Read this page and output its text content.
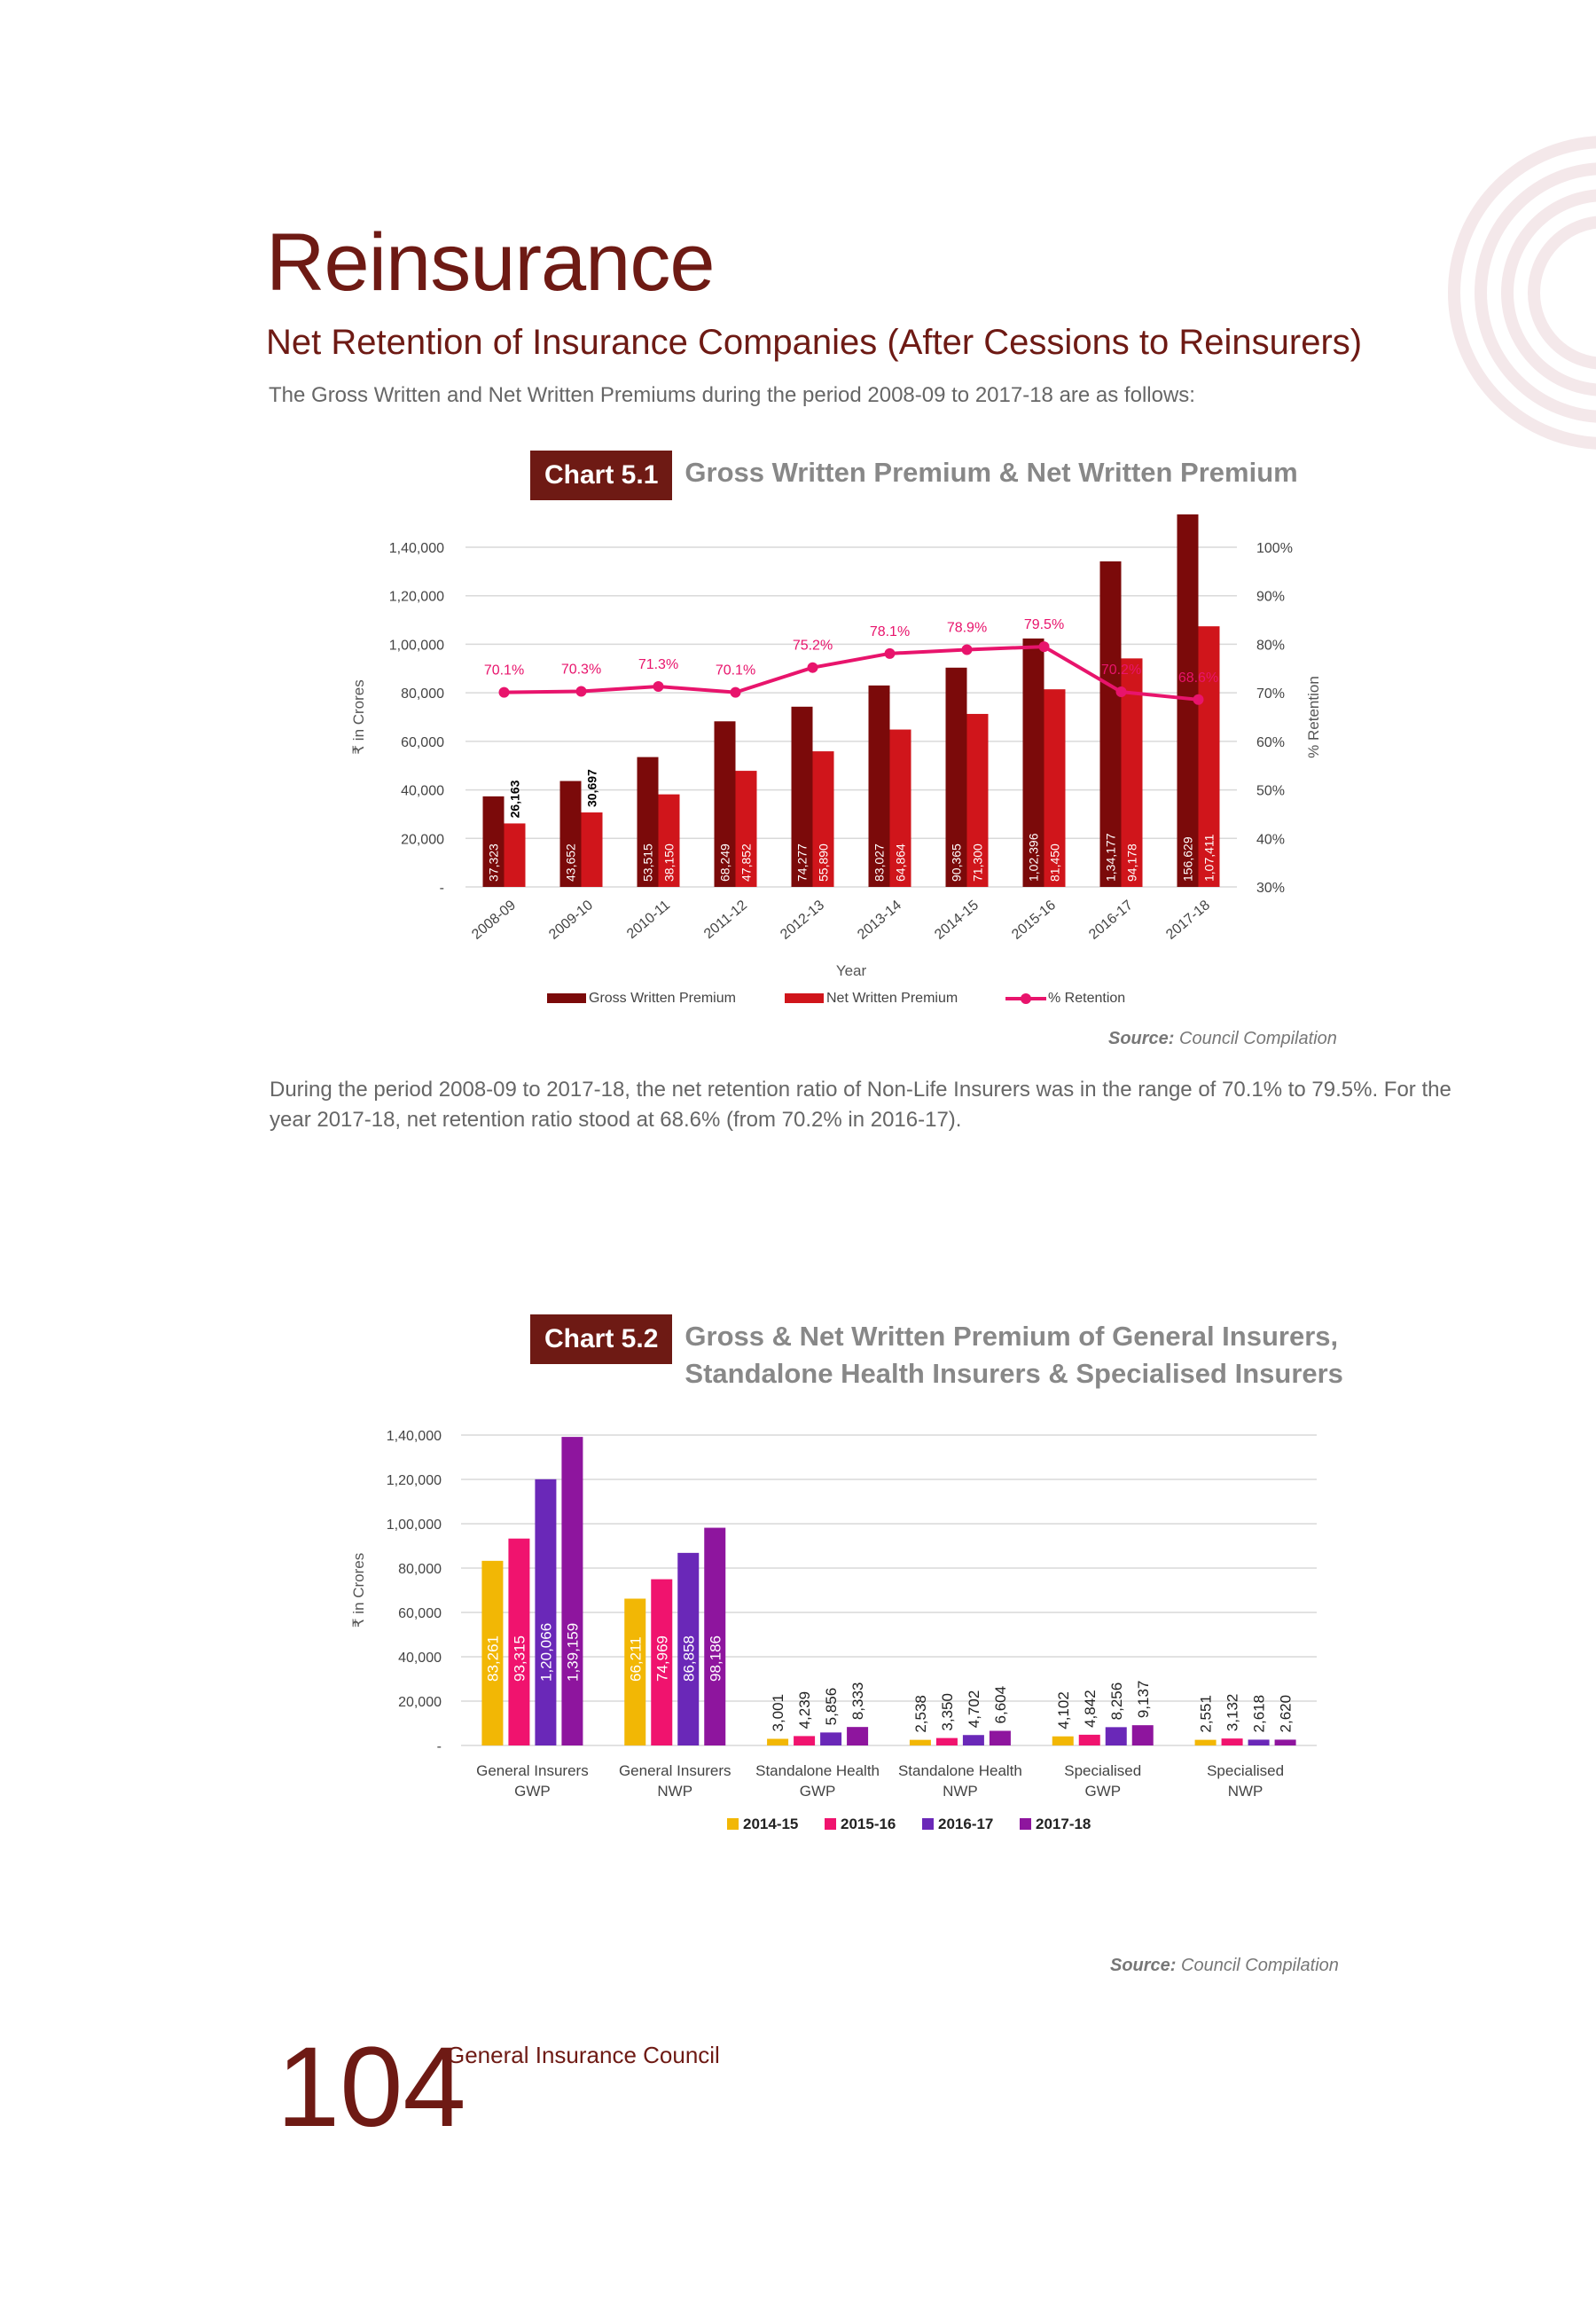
Reinsurance
Net Retention of Insurance Companies (After Cessions to Reinsurers)

The Gross Written and Net Written Premiums during the period 2008-09 to 2017-18 are as follows:

Chart 5.1 Gross Written Premium & Net Written Premium
-
20,000
40,000
60,000
80,000
1,00,000
1,20,000
1,40,000
30%
40%
50%
60%
70%
80%
90%
100%
₹ in Crores	% Retention
37,323
26,163
2008-09
43,652
30,697
2009-10
53,515 38,150
2010-11
68,249 47,852
2011-12
74,277 55,890
2012-13
83,027 64,864
2013-14
90,365 71,300
2014-15
1,02,396 81,450
2015-16
1,34,177 94,178
2016-17
156,629 1,07,411
2017-18
70.1%	70.3%	71.3%	70.1%
75.2%
78.1%	78.9%	79.5%
70.2%
68.6%
Year
Gross Written Premium	Net Written Premium	% Retention
Source: Council Compilation

During the period 2008-09 to 2017-18, the net retention ratio of Non-Life Insurers was in the range of 70.1% to 79.5%. For the year 2017-18, net retention ratio stood at 68.6% (from 70.2% in 2016-17).

Chart 5.2 Gross & Net Written Premium of General Insurers,
Standalone Health Insurers & Specialised Insurers
-
20,000
40,000
60,000
80,000
1,00,000
1,20,000
1,40,000
₹ in Crores
83,261 93,315 1,20,066 1,39,159
General Insurers
GWP
66,211 74,969 86,858 98,186
General Insurers
NWP
3,001 4,239 5,856 8,333
Standalone Health
GWP
2,538 3,350 4,702 6,604
Standalone Health
NWP
4,102 4,842 8,256 9,137
Specialised
GWP
2,551 3,132 2,618 2,620
Specialised
NWP
2014-15	2015-16	2016-17	2017-18
Source: Council Compilation
104
General Insurance Council
